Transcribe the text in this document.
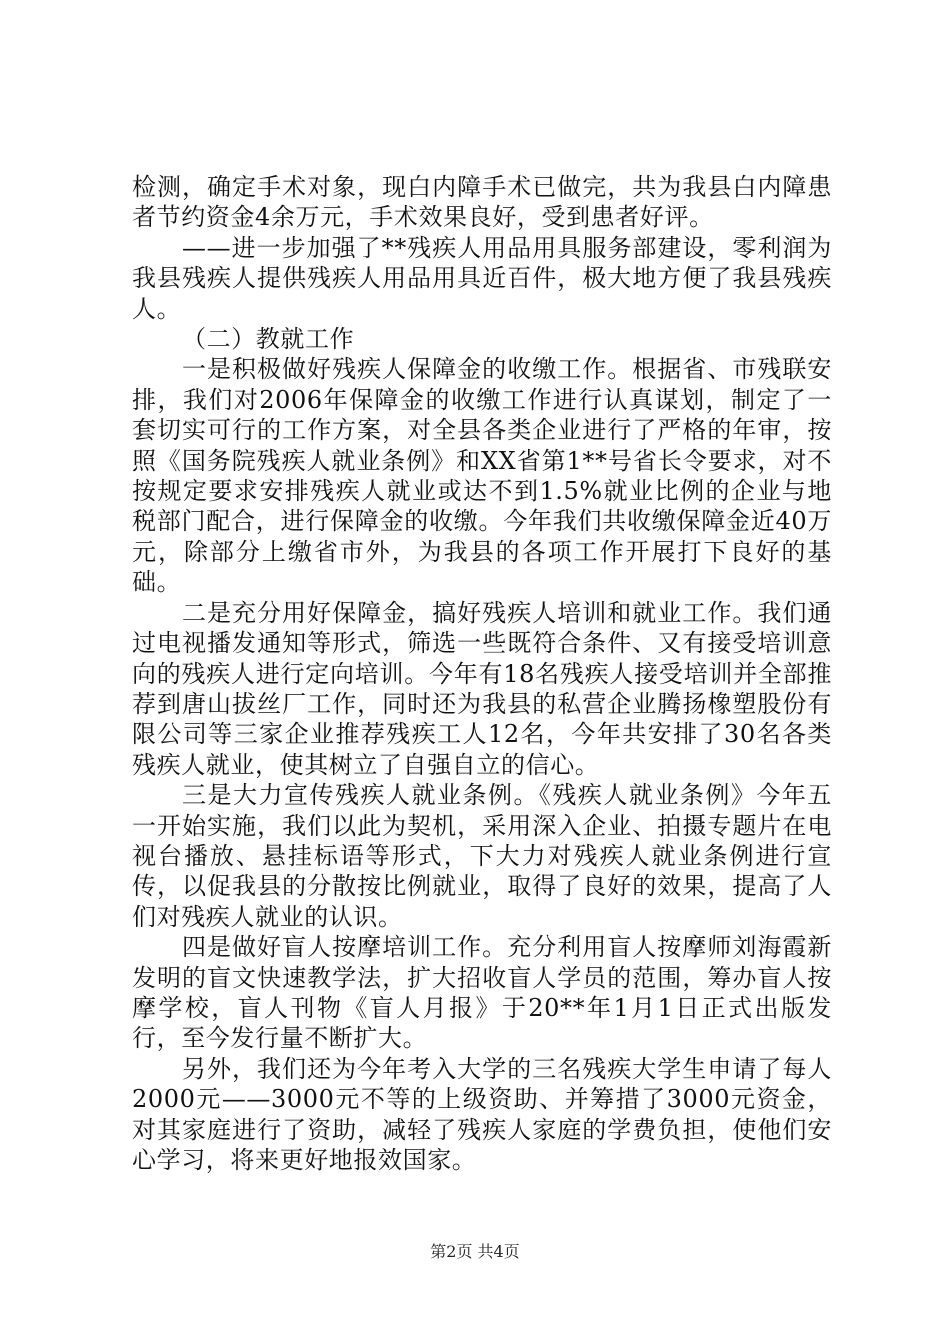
检测，确定手术对象，现白内障手术已做完，共为我县白内障患者节约资金4余万元，手术效果良好，受到患者好评。

——进一步加强了**残疾人用品用具服务部建设，零利润为我县残疾人提供残疾人用品用具近百件，极大地方便了我县残疾人。

（二）教就工作

一是积极做好残疾人保障金的收缴工作。根据省、市残联安排，我们对2006年保障金的收缴工作进行认真谋划，制定了一套切实可行的工作方案，对全县各类企业进行了严格的年审，按照《国务院残疾人就业条例》和XX省第1**号省长令要求，对不按规定要求安排残疾人就业或达不到1.5%就业比例的企业与地税部门配合，进行保障金的收缴。今年我们共收缴保障金近40万元，除部分上缴省市外，为我县的各项工作开展打下良好的基础。

二是充分用好保障金，搞好残疾人培训和就业工作。我们通过电视播发通知等形式，筛选一些既符合条件、又有接受培训意向的残疾人进行定向培训。今年有18名残疾人接受培训并全部推荐到唐山拔丝厂工作，同时还为我县的私营企业腾扬橡塑股份有限公司等三家企业推荐残疾工人12名，今年共安排了30名各类残疾人就业，使其树立了自强自立的信心。

三是大力宣传残疾人就业条例。《残疾人就业条例》今年五一开始实施，我们以此为契机，采用深入企业、拍摄专题片在电视台播放、悬挂标语等形式，下大力对残疾人就业条例进行宣传，以促我县的分散按比例就业，取得了良好的效果，提高了人们对残疾人就业的认识。

四是做好盲人按摩培训工作。充分利用盲人按摩师刘海霞新发明的盲文快速教学法，扩大招收盲人学员的范围，筹办盲人按摩学校，盲人刊物《盲人月报》于20**年1月1日正式出版发行，至今发行量不断扩大。

另外，我们还为今年考入大学的三名残疾大学生申请了每人2000元——3000元不等的上级资助、并筹措了3000元资金，对其家庭进行了资助，减轻了残疾人家庭的学费负担，使他们安心学习，将来更好地报效国家。

第2页 共4页
